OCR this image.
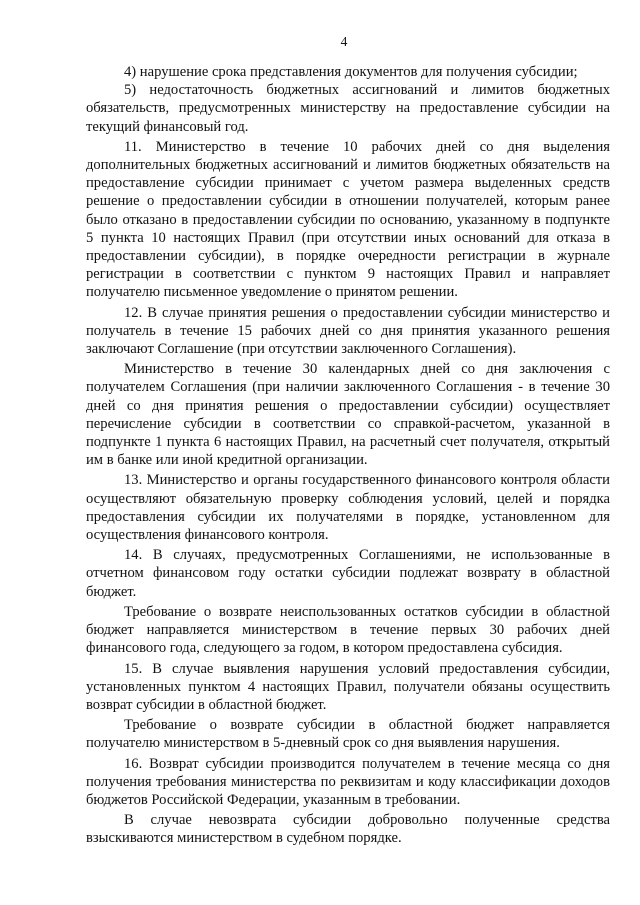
4

4) нарушение срока представления документов для получения субсидии;

5) недостаточность бюджетных ассигнований и лимитов бюджетных обязательств, предусмотренных министерству на предоставление субсидии на текущий финансовый год.

11. Министерство в течение 10 рабочих дней со дня выделения дополнительных бюджетных ассигнований и лимитов бюджетных обязательств на предоставление субсидии принимает с учетом размера выделенных средств решение о предоставлении субсидии в отношении получателей, которым ранее было отказано в предоставлении субсидии по основанию, указанному в подпункте 5 пункта 10 настоящих Правил (при отсутствии иных оснований для отказа в предоставлении субсидии), в порядке очередности регистрации в журнале регистрации в соответствии с пунктом 9 настоящих Правил и направляет получателю письменное уведомление о принятом решении.

12. В случае принятия решения о предоставлении субсидии министерство и получатель в течение 15 рабочих дней со дня принятия указанного решения заключают Соглашение (при отсутствии заключенного Соглашения).

Министерство в течение 30 календарных дней со дня заключения с получателем Соглашения (при наличии заключенного Соглашения - в течение 30 дней со дня принятия решения о предоставлении субсидии) осуществляет перечисление субсидии в соответствии со справкой-расчетом, указанной в подпункте 1 пункта 6 настоящих Правил, на расчетный счет получателя, открытый им в банке или иной кредитной организации.

13. Министерство и органы государственного финансового контроля области осуществляют обязательную проверку соблюдения условий, целей и порядка предоставления субсидии их получателями в порядке, установленном для осуществления финансового контроля.

14. В случаях, предусмотренных Соглашениями, не использованные в отчетном финансовом году остатки субсидии подлежат возврату в областной бюджет.

Требование о возврате неиспользованных остатков субсидии в областной бюджет направляется министерством в течение первых 30 рабочих дней финансового года, следующего за годом, в котором предоставлена субсидия.

15. В случае выявления нарушения условий предоставления субсидии, установленных пунктом 4 настоящих Правил, получатели обязаны осуществить возврат субсидии в областной бюджет.

Требование о возврате субсидии в областной бюджет направляется получателю министерством в 5-дневный срок со дня выявления нарушения.

16. Возврат субсидии производится получателем в течение месяца со дня получения требования министерства по реквизитам и коду классификации доходов бюджетов Российской Федерации, указанным в требовании.

В случае невозврата субсидии добровольно полученные средства взыскиваются министерством в судебном порядке.
